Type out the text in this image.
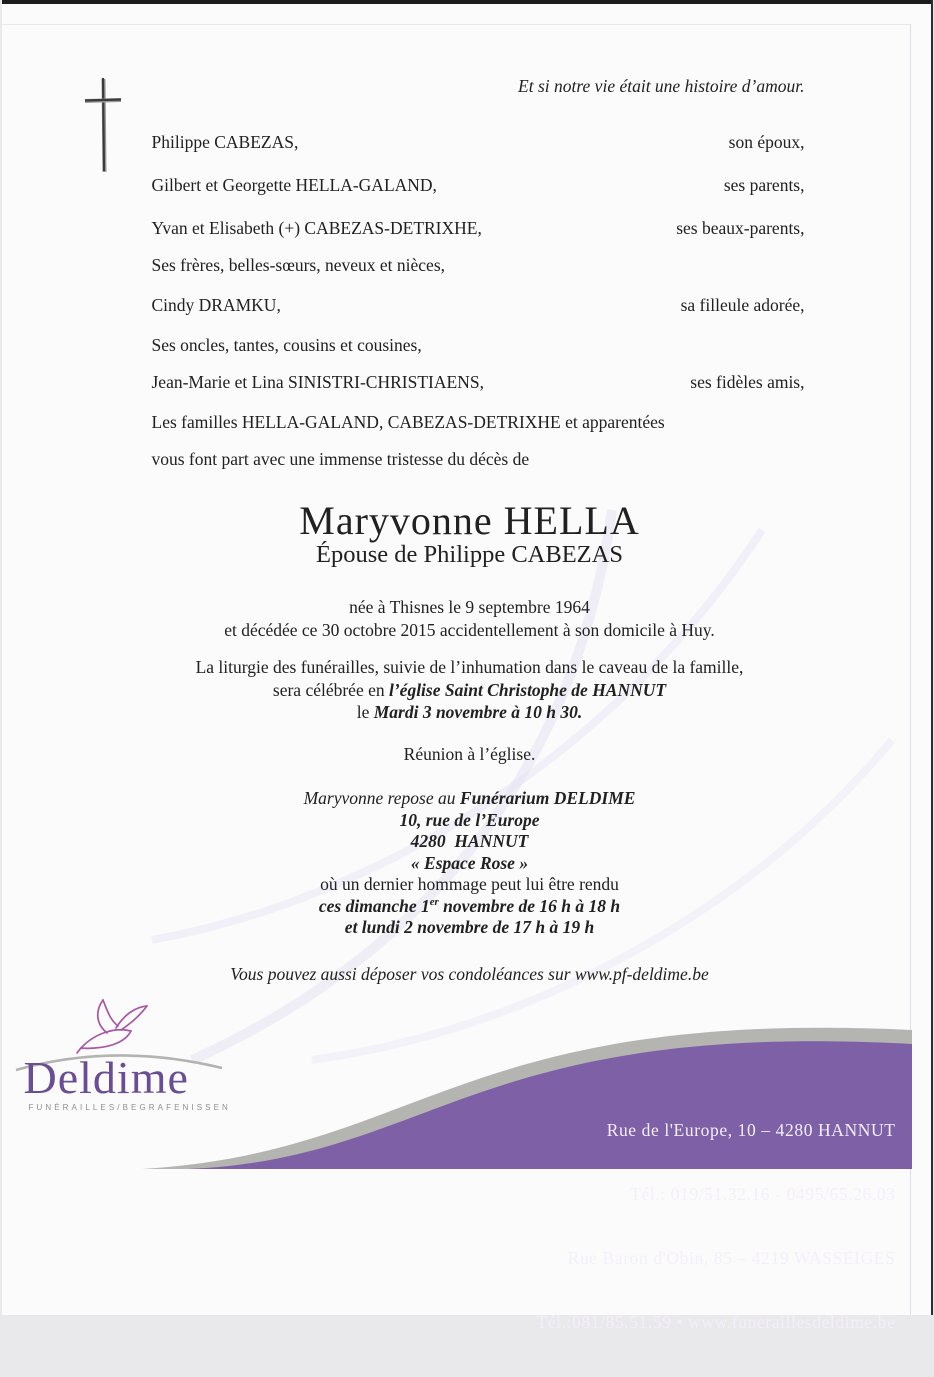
Et si notre vie était une histoire d’amour.
Philippe CABEZAS,	son époux,
Gilbert et Georgette HELLA-GALAND,	ses parents,
Yvan et Elisabeth (+) CABEZAS-DETRIXHE,	ses beaux-parents,
Ses frères, belles-sœurs, neveux et nièces,
Cindy DRAMKU,	sa filleule adorée,
Ses oncles, tantes, cousins et cousines,
Jean-Marie et Lina SINISTRI-CHRISTIAENS,	ses fidèles amis,
Les familles HELLA-GALAND, CABEZAS-DETRIXHE et apparentées
vous font part avec une immense tristesse du décès de
Maryvonne HELLA
Épouse de Philippe CABEZAS
née à Thisnes le 9 septembre 1964
et décédée ce 30 octobre 2015 accidentellement à son domicile à Huy.
La liturgie des funérailles, suivie de l’inhumation dans le caveau de la famille,
sera célébrée en l’église Saint Christophe de HANNUT
le Mardi 3 novembre à 10 h 30.
Réunion à l’église.
Maryvonne repose au Funérarium DELDIME
10, rue de l’Europe
4280  HANNUT
« Espace Rose »
où un dernier hommage peut lui être rendu
ces dimanche 1er novembre de 16 h à 18 h
et lundi 2 novembre de 17 h à 19 h
Vous pouvez aussi déposer vos condoléances sur www.pf-deldime.be
Deldime
FUNÉRAILLES/BEGRAFENISSEN

Rue de l'Europe, 10 – 4280 HANNUT

Tél.: 019/51.32.16 - 0495/65.26.03

Rue Baron d'Obin, 85 – 4219 WASSEIGES

Tél.:081/85.51.59 • www.funeraillesdeldime.be
